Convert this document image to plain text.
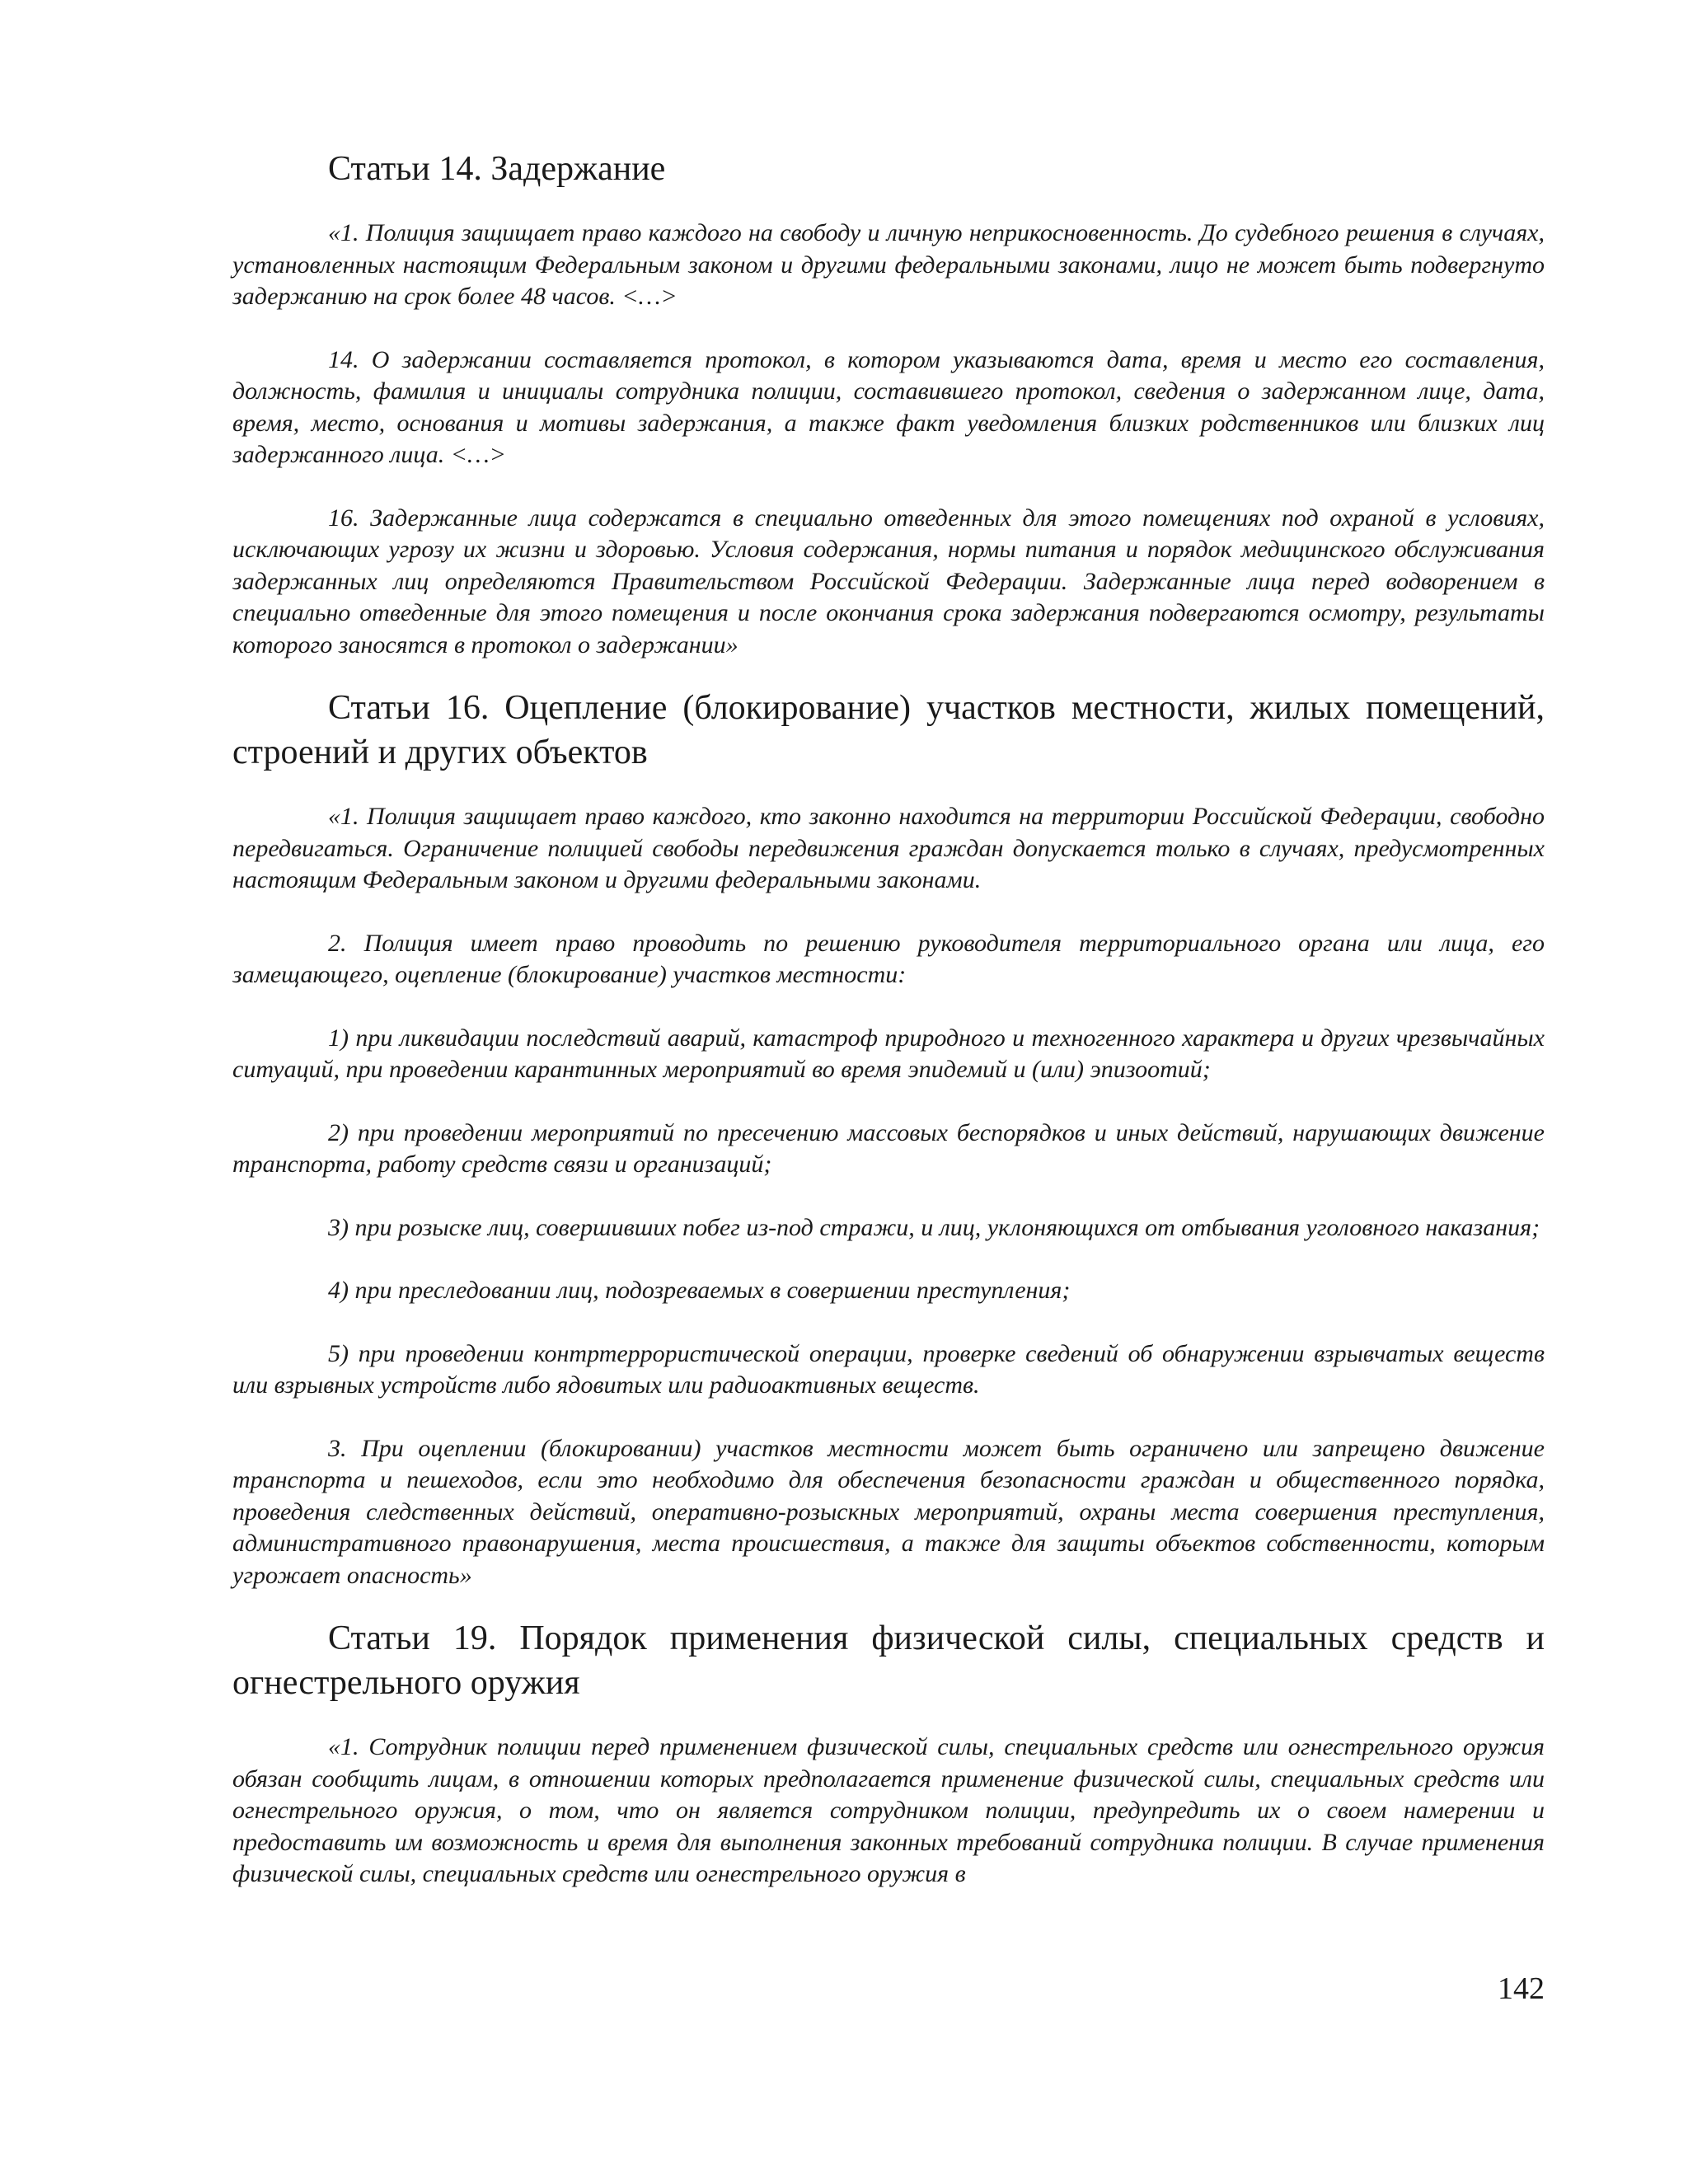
Статьи 14. Задержание

«1. Полиция защищает право каждого на свободу и личную неприкосновенность. До судебного решения в случаях, установленных настоящим Федеральным законом и другими федеральными законами, лицо не может быть подвергнуто задержанию на срок более 48 часов. <…>

14. О задержании составляется протокол, в котором указываются дата, время и место его составления, должность, фамилия и инициалы сотрудника полиции, составившего протокол, сведения о задержанном лице, дата, время, место, основания и мотивы задержания, а также факт уведомления близких родственников или близких лиц задержанного лица. <…>

16. Задержанные лица содержатся в специально отведенных для этого помещениях под охраной в условиях, исключающих угрозу их жизни и здоровью. Условия содержания, нормы питания и порядок медицинского обслуживания задержанных лиц определяются Правительством Российской Федерации. Задержанные лица перед водворением в специально отведенные для этого помещения и после окончания срока задержания подвергаются осмотру, результаты которого заносятся в протокол о задержании»

Статьи 16. Оцепление (блокирование) участков местности, жилых помещений, строений и других объектов

«1. Полиция защищает право каждого, кто законно находится на территории Российской Федерации, свободно передвигаться. Ограничение полицией свободы передвижения граждан допускается только в случаях, предусмотренных настоящим Федеральным законом и другими федеральными законами.

2. Полиция имеет право проводить по решению руководителя территориального органа или лица, его замещающего, оцепление (блокирование) участков местности:

1) при ликвидации последствий аварий, катастроф природного и техногенного характера и других чрезвычайных ситуаций, при проведении карантинных мероприятий во время эпидемий и (или) эпизоотий;

2) при проведении мероприятий по пресечению массовых беспорядков и иных действий, нарушающих движение транспорта, работу средств связи и организаций;

3) при розыске лиц, совершивших побег из-под стражи, и лиц, уклоняющихся от отбывания уголовного наказания;

4) при преследовании лиц, подозреваемых в совершении преступления;

5) при проведении контртеррористической операции, проверке сведений об обнаружении взрывчатых веществ или взрывных устройств либо ядовитых или радиоактивных веществ.

3. При оцеплении (блокировании) участков местности может быть ограничено или запрещено движение транспорта и пешеходов, если это необходимо для обеспечения безопасности граждан и общественного порядка, проведения следственных действий, оперативно-розыскных мероприятий, охраны места совершения преступления, административного правонарушения, места происшествия, а также для защиты объектов собственности, которым угрожает опасность»

Статьи 19. Порядок применения физической силы, специальных средств и огнестрельного оружия

«1. Сотрудник полиции перед применением физической силы, специальных средств или огнестрельного оружия обязан сообщить лицам, в отношении которых предполагается применение физической силы, специальных средств или огнестрельного оружия, о том, что он является сотрудником полиции, предупредить их о своем намерении и предоставить им возможность и время для выполнения законных требований сотрудника полиции. В случае применения физической силы, специальных средств или огнестрельного оружия в

142
